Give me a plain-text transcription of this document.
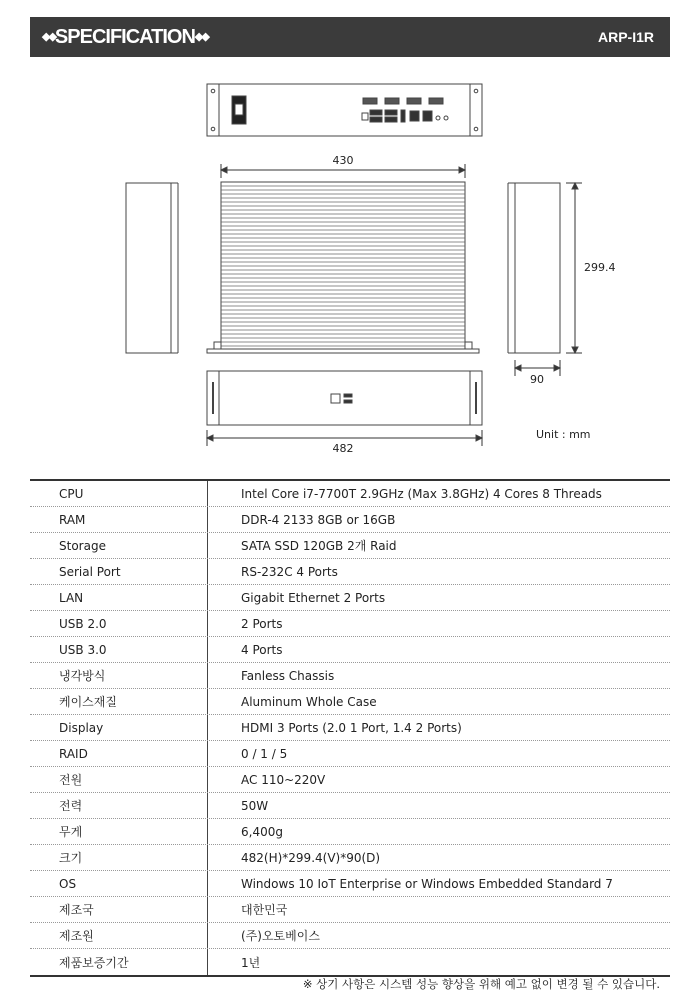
◆◆SPECIFICATION◆◆	ARP-I1R
430
299.4
90
482
Unit : mm
CPU	Intel Core i7-7700T 2.9GHz (Max 3.8GHz) 4 Cores 8 Threads
RAM	DDR-4 2133 8GB or 16GB
Storage	SATA SSD 120GB 2개 Raid
Serial Port	RS-232C 4 Ports
LAN	Gigabit Ethernet 2 Ports
USB 2.0	2 Ports
USB 3.0	4 Ports
냉각방식	Fanless Chassis
케이스재질	Aluminum Whole Case
Display	HDMI 3 Ports (2.0 1 Port, 1.4 2 Ports)
RAID	0 / 1 / 5
전원	AC 110~220V
전력	50W
무게	6,400g
크기	482(H)*299.4(V)*90(D)
OS	Windows 10 IoT Enterprise or Windows Embedded Standard 7
제조국	대한민국
제조원	(주)오토베이스
제품보증기간	1년
※ 상기 사항은 시스템 성능 향상을 위해 예고 없이 변경 될 수 있습니다.
